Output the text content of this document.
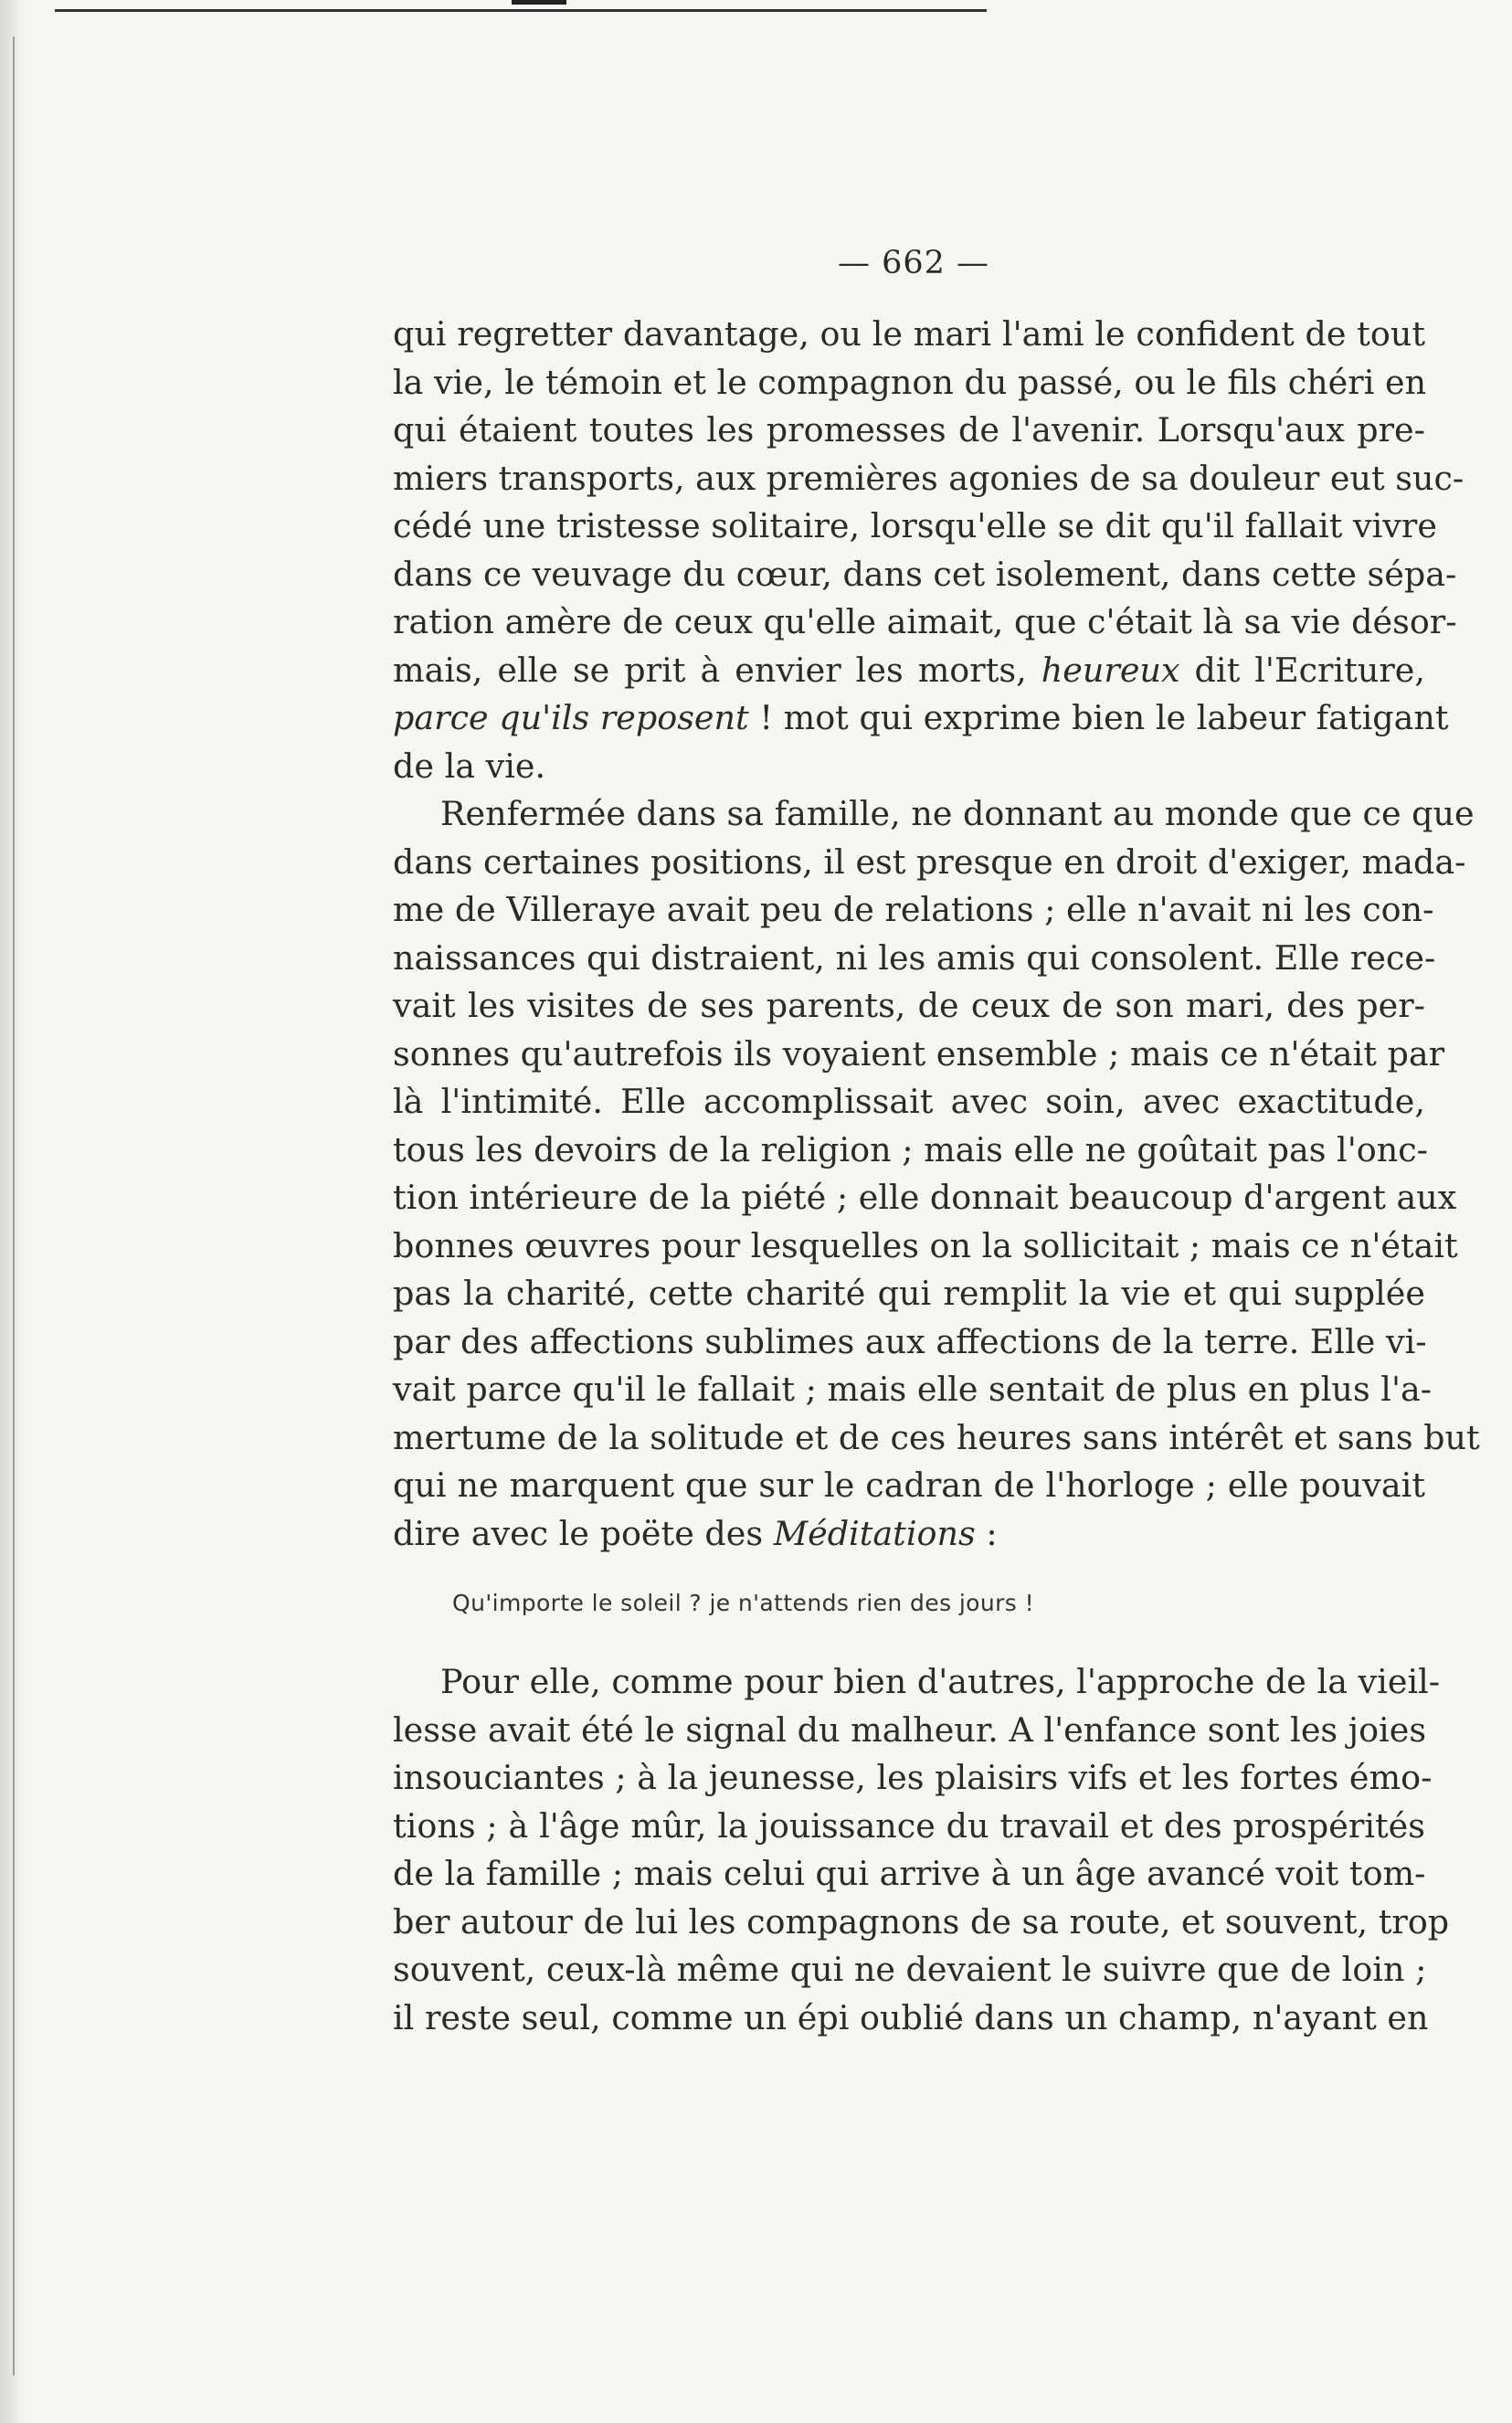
— 662 —
qui regretter davantage, ou le mari l'ami le confident de tout
la vie, le témoin et le compagnon du passé, ou le fils chéri en
qui étaient toutes les promesses de l'avenir. Lorsqu'aux pre-
miers transports, aux premières agonies de sa douleur eut suc-
cédé une tristesse solitaire, lorsqu'elle se dit qu'il fallait vivre
dans ce veuvage du cœur, dans cet isolement, dans cette sépa-
ration amère de ceux qu'elle aimait, que c'était là sa vie désor-
mais, elle se prit à envier les morts, heureux dit l'Ecriture,
parce qu'ils reposent ! mot qui exprime bien le labeur fatigant
de la vie.
Renfermée dans sa famille, ne donnant au monde que ce que
dans certaines positions, il est presque en droit d'exiger, mada-
me de Villeraye avait peu de relations ; elle n'avait ni les con-
naissances qui distraient, ni les amis qui consolent. Elle rece-
vait les visites de ses parents, de ceux de son mari, des per-
sonnes qu'autrefois ils voyaient ensemble ; mais ce n'était par
là l'intimité. Elle accomplissait avec soin, avec exactitude,
tous les devoirs de la religion ; mais elle ne goûtait pas l'onc-
tion intérieure de la piété ; elle donnait beaucoup d'argent aux
bonnes œuvres pour lesquelles on la sollicitait ; mais ce n'était
pas la charité, cette charité qui remplit la vie et qui supplée
par des affections sublimes aux affections de la terre. Elle vi-
vait parce qu'il le fallait ; mais elle sentait de plus en plus l'a-
mertume de la solitude et de ces heures sans intérêt et sans but
qui ne marquent que sur le cadran de l'horloge ; elle pouvait
dire avec le poëte des Méditations :
Qu'importe le soleil ? je n'attends rien des jours !
Pour elle, comme pour bien d'autres, l'approche de la vieil-
lesse avait été le signal du malheur. A l'enfance sont les joies
insouciantes ; à la jeunesse, les plaisirs vifs et les fortes émo-
tions ; à l'âge mûr, la jouissance du travail et des prospérités
de la famille ; mais celui qui arrive à un âge avancé voit tom-
ber autour de lui les compagnons de sa route, et souvent, trop
souvent, ceux-là même qui ne devaient le suivre que de loin ;
il reste seul, comme un épi oublié dans un champ, n'ayant en
